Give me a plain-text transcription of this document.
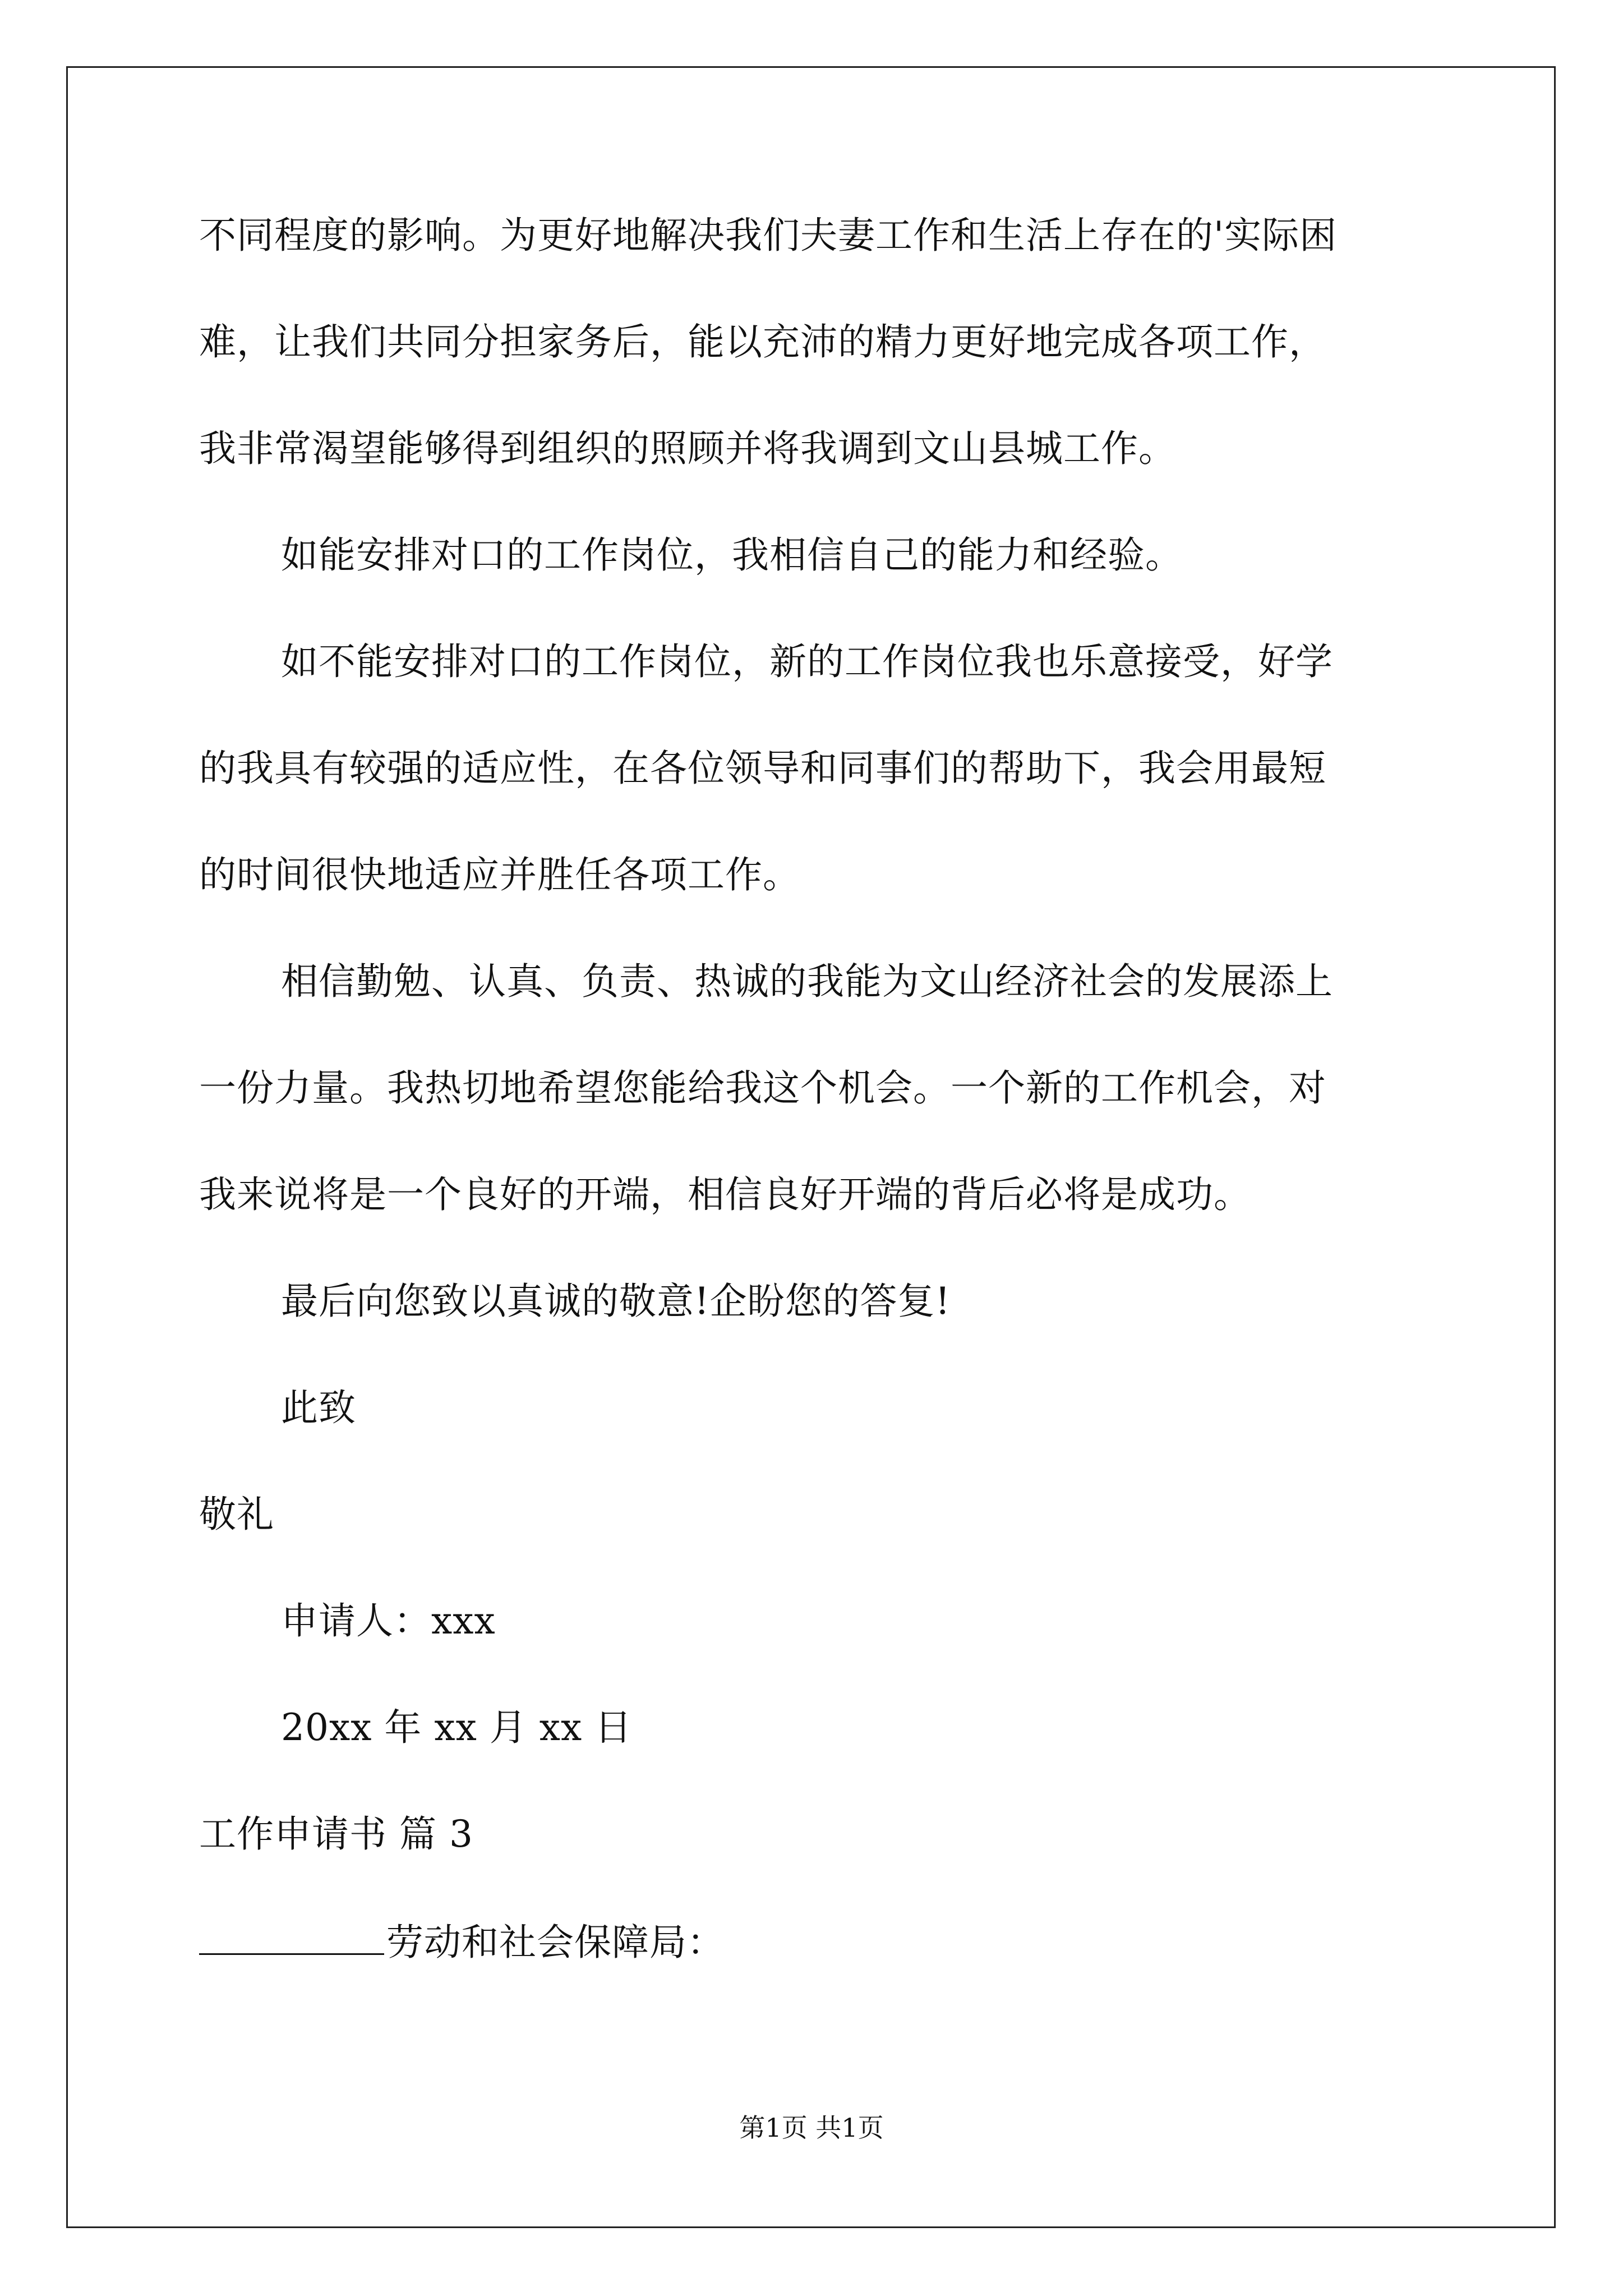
不同程度的影响。为更好地解决我们夫妻工作和生活上存在的'实际困
难，让我们共同分担家务后，能以充沛的精力更好地完成各项工作，
我非常渴望能够得到组织的照顾并将我调到文山县城工作。
如能安排对口的工作岗位，我相信自己的能力和经验。
如不能安排对口的工作岗位，新的工作岗位我也乐意接受，好学
的我具有较强的适应性，在各位领导和同事们的帮助下，我会用最短
的时间很快地适应并胜任各项工作。
相信勤勉、认真、负责、热诚的我能为文山经济社会的发展添上
一份力量。我热切地希望您能给我这个机会。一个新的工作机会，对
我来说将是一个良好的开端，相信良好开端的背后必将是成功。
最后向您致以真诚的敬意!企盼您的答复!
此致
敬礼
申请人：xxx
20xx 年 xx 月 xx 日
工作申请书 篇 3
劳动和社会保障局：
第1页 共1页
